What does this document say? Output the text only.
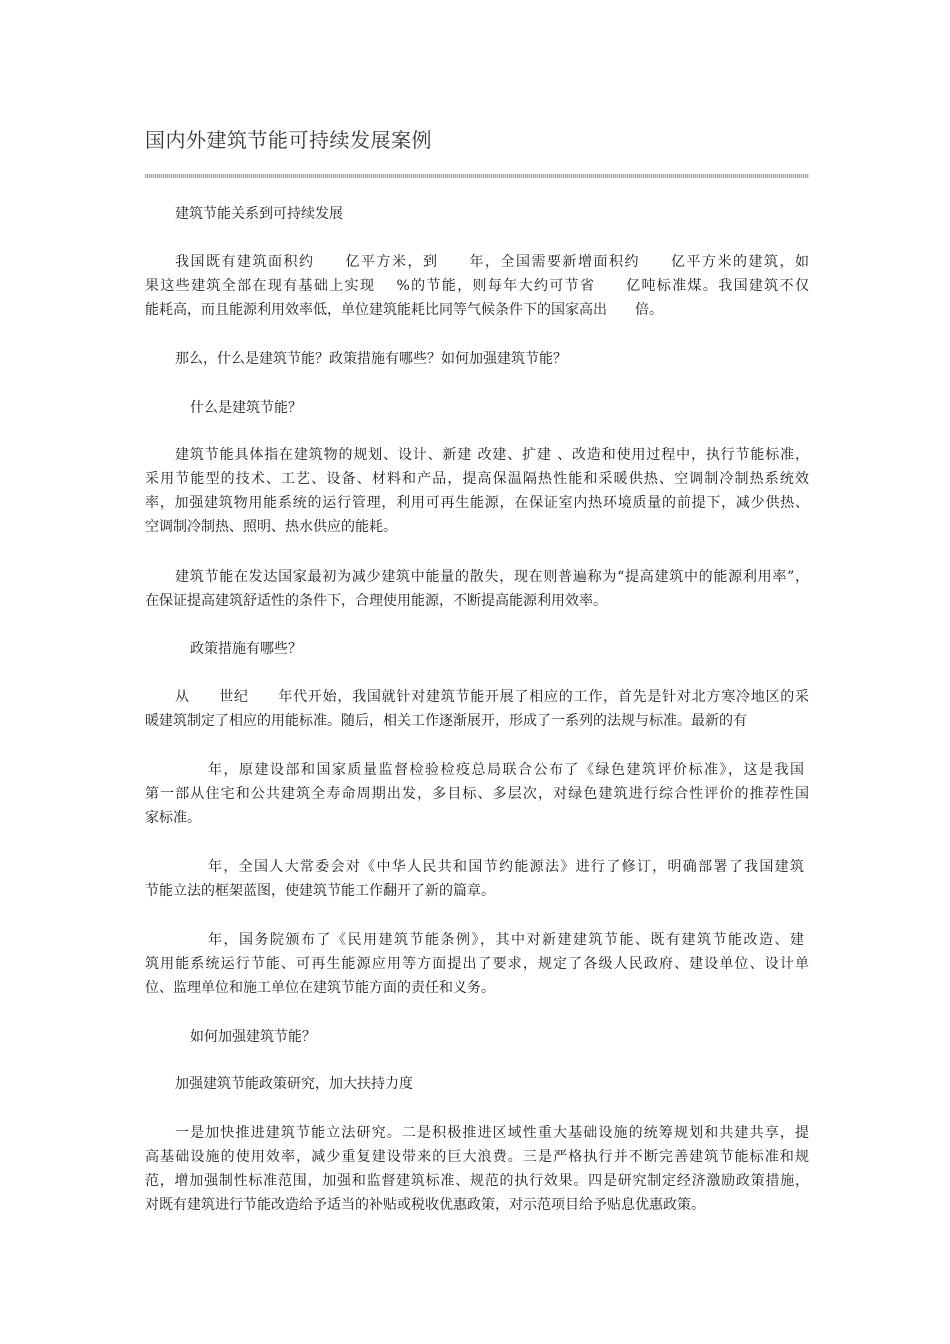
国内外建筑节能可持续发展案例
建筑节能关系到可持续发展
我国既有建筑面积约　　亿平方米，到　　年，全国需要新增面积约　　亿平方米的建筑，如
果这些建筑全部在现有基础上实现　 %的节能，则每年大约可节省　　亿吨标准煤。我国建筑不仅
能耗高，而且能源利用效率低，单位建筑能耗比同等气候条件下的国家高出　　倍。
那么，什么是建筑节能？政策措施有哪些？如何加强建筑节能？
什么是建筑节能？
建筑节能具体指在建筑物的规划、设计、新建 改建、扩建 、改造和使用过程中，执行节能标准，
采用节能型的技术、工艺、设备、材料和产品，提高保温隔热性能和采暖供热、空调制冷制热系统效
率，加强建筑物用能系统的运行管理，利用可再生能源，在保证室内热环境质量的前提下，减少供热、
空调制冷制热、照明、热水供应的能耗。
建筑节能在发达国家最初为减少建筑中能量的散失，现在则普遍称为“提高建筑中的能源利用率”，
在保证提高建筑舒适性的条件下，合理使用能源，不断提高能源利用效率。
政策措施有哪些？
从　　世纪　　年代开始，我国就针对建筑节能开展了相应的工作，首先是针对北方寒冷地区的采
暖建筑制定了相应的用能标准。随后，相关工作逐渐展开，形成了一系列的法规与标准。最新的有
年，原建设部和国家质量监督检验检疫总局联合公布了《绿色建筑评价标准》，这是我国
第一部从住宅和公共建筑全寿命周期出发，多目标、多层次，对绿色建筑进行综合性评价的推荐性国
家标准。
年，全国人大常委会对《中华人民共和国节约能源法》进行了修订，明确部署了我国建筑
节能立法的框架蓝图，使建筑节能工作翻开了新的篇章。
年，国务院颁布了《民用建筑节能条例》，其中对新建建筑节能、既有建筑节能改造、建
筑用能系统运行节能、可再生能源应用等方面提出了要求，规定了各级人民政府、建设单位、设计单
位、监理单位和施工单位在建筑节能方面的责任和义务。
如何加强建筑节能？
加强建筑节能政策研究，加大扶持力度
一是加快推进建筑节能立法研究。二是积极推进区域性重大基础设施的统筹规划和共建共享，提
高基础设施的使用效率，减少重复建设带来的巨大浪费。三是严格执行并不断完善建筑节能标准和规
范，增加强制性标准范围，加强和监督建筑标准、规范的执行效果。四是研究制定经济激励政策措施，
对既有建筑进行节能改造给予适当的补贴或税收优惠政策，对示范项目给予贴息优惠政策。
